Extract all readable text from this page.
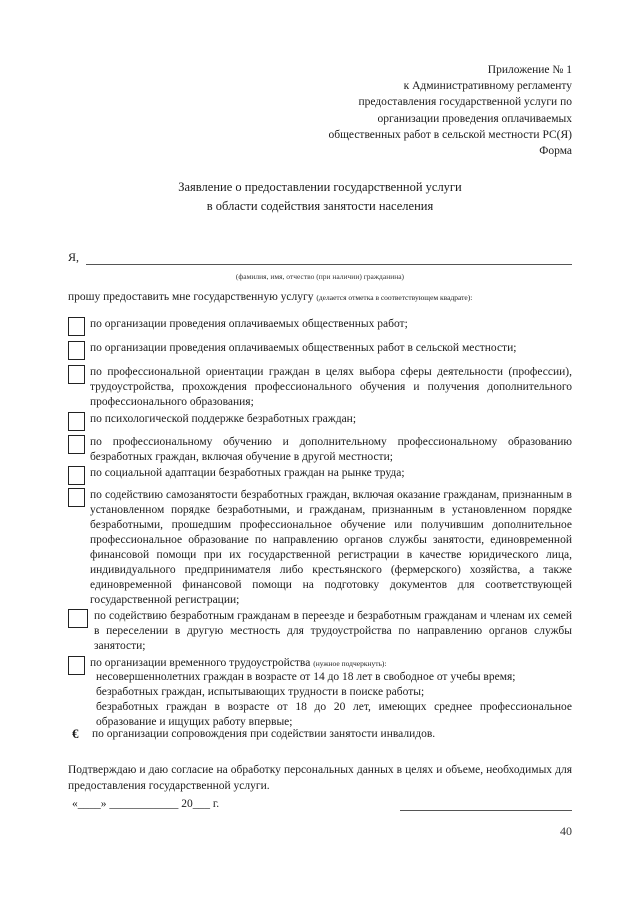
Приложение № 1
к Административному регламенту
предоставления государственной услуги по
организации проведения оплачиваемых
общественных работ в сельской местности РС(Я)
Форма
Заявление о предоставлении государственной услуги
в области содействия занятости населения
Я,
(фамилия, имя, отчество (при наличии) гражданина)
прошу предоставить мне государственную услугу (делается отметка в соответствующем квадрате):
по организации проведения оплачиваемых общественных работ;
по организации проведения оплачиваемых общественных работ в сельской местности;
по профессиональной ориентации граждан в целях выбора сферы деятельности (профессии), трудоустройства, прохождения профессионального обучения и получения дополнительного профессионального образования;
по психологической поддержке безработных граждан;
по профессиональному обучению и дополнительному профессиональному образованию безработных граждан, включая обучение в другой местности;
по социальной адаптации безработных граждан на рынке труда;
по содействию самозанятости безработных граждан, включая оказание гражданам, признанным в установленном порядке безработными, и гражданам, признанным в установленном порядке безработными, прошедшим профессиональное обучение или получившим дополнительное профессиональное образование по направлению органов службы занятости, единовременной финансовой помощи при их государственной регистрации в качестве юридического лица, индивидуального предпринимателя либо крестьянского (фермерского) хозяйства, а также единовременной финансовой помощи на подготовку документов для соответствующей государственной регистрации;
по содействию безработным гражданам в переезде и безработным гражданам и членам их семей в переселении в другую местность для трудоустройства по направлению органов службы занятости;
по организации временного трудоустройства (нужное подчеркнуть):
несовершеннолетних граждан в возрасте от 14 до 18 лет в свободное от учебы время;
безработных граждан, испытывающих трудности в поиске работы;
безработных граждан в возрасте от 18 до 20 лет, имеющих среднее профессиональное образование и ищущих работу впервые;
€ по организации сопровождения при содействии занятости инвалидов.
Подтверждаю и даю согласие на обработку персональных данных в целях и объеме, необходимых для предоставления государственной услуги.
«____» ____________ 20___ г.
40
